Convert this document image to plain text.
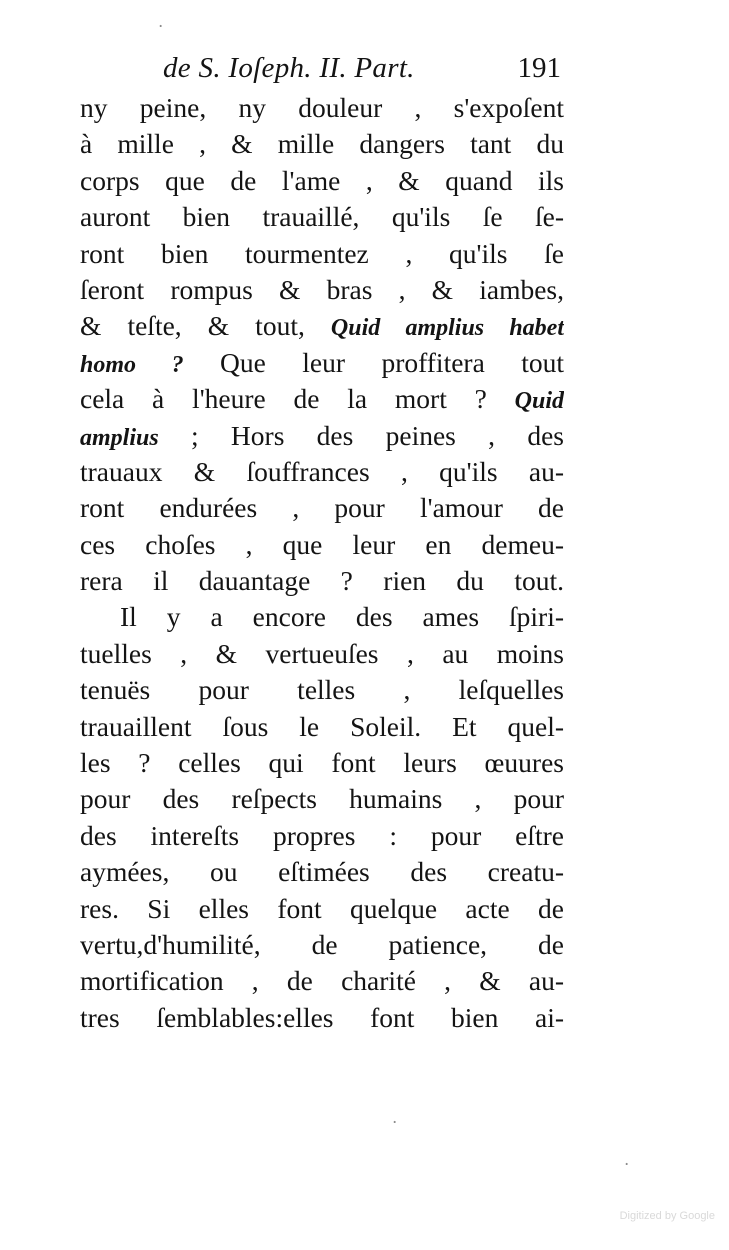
de S. Ioſeph. II. Part.	191
ny peine, ny douleur , s'expoſent
à mille , & mille dangers tant du
corps que de l'ame , & quand ils
auront bien trauaillé, qu'ils ſe ſe-
ront bien tourmentez , qu'ils ſe
ſeront rompus & bras , & iambes,
& teſte, & tout, Quid amplius habet
homo ? Que leur proffitera tout
cela à l'heure de la mort ? Quid
amplius ; Hors des peines , des
trauaux & ſouffrances , qu'ils au-
ront endurées , pour l'amour de
ces choſes , que leur en demeu-
rera il dauantage ? rien du tout.
Il y a encore des ames ſpiri-
tuelles , & vertueuſes , au moins
tenuës pour telles , leſquelles
trauaillent ſous le Soleil. Et quel-
les ? celles qui font leurs œuures
pour des reſpects humains , pour
des intereſts propres : pour eſtre
aymées, ou eſtimées des creatu-
res. Si elles font quelque acte de
vertu,d'humilité, de patience, de
mortification , de charité , & au-
tres ſemblables:elles font bien ai-
․
․
․
Digitized by Google
